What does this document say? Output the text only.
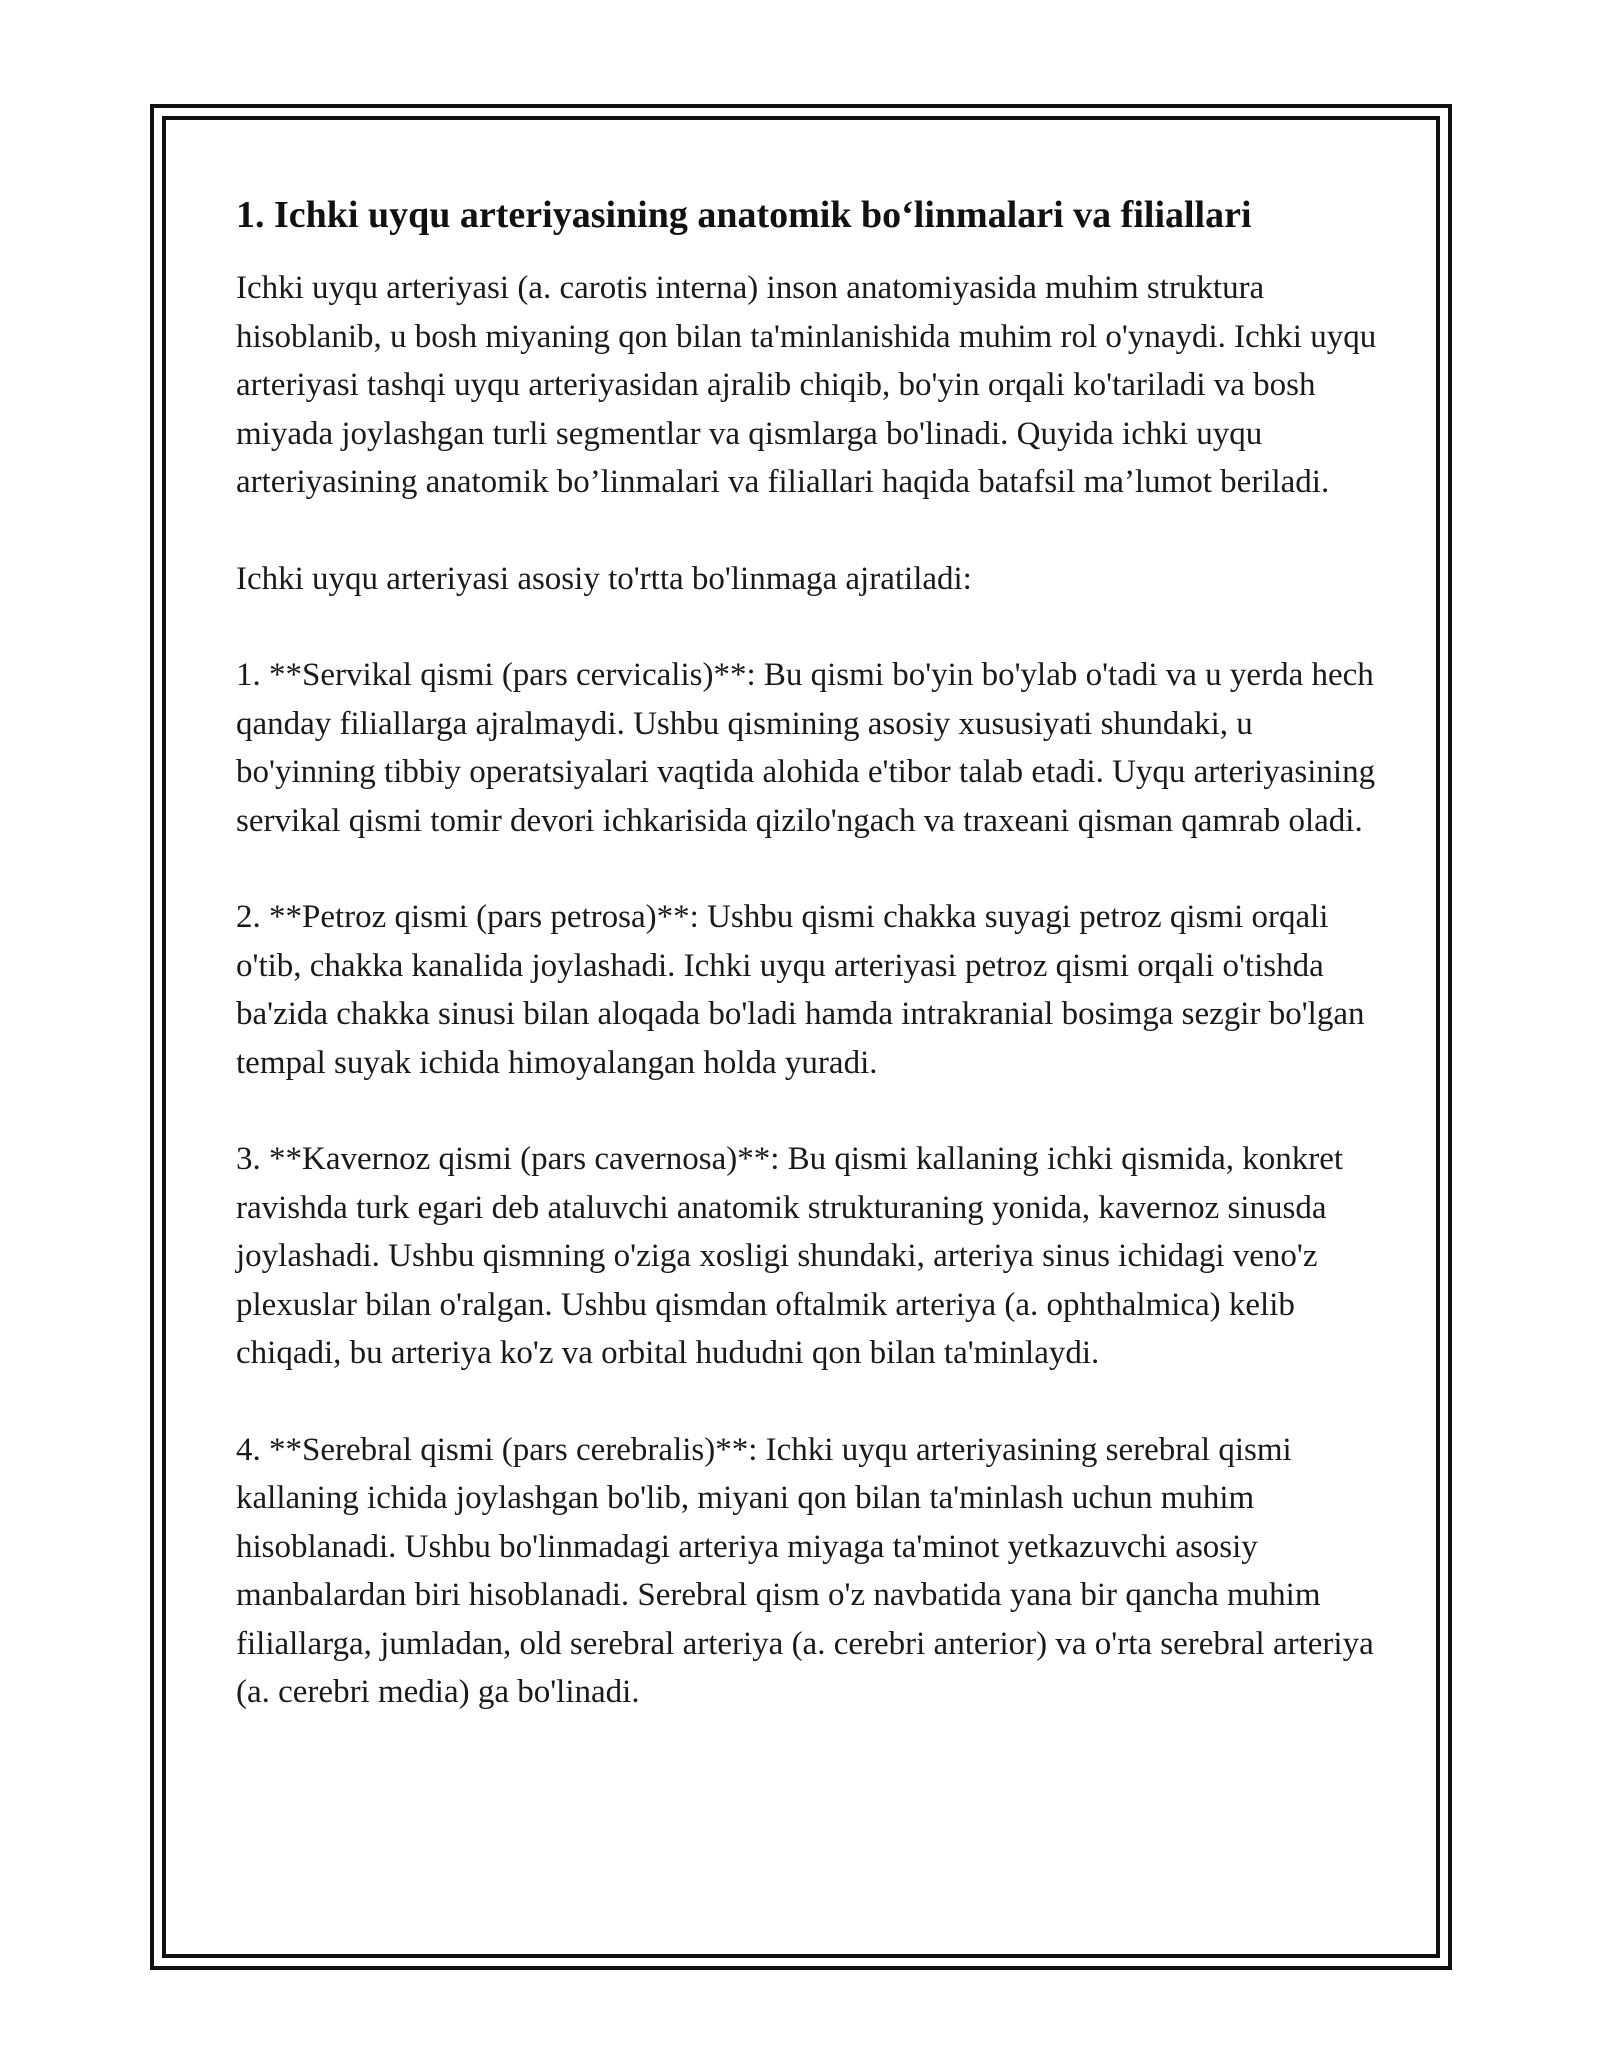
1. Ichki uyqu arteriyasining anatomik bo‘linmalari va filiallari

Ichki uyqu arteriyasi (a. carotis interna) inson anatomiyasida muhim struktura hisoblanib, u bosh miyaning qon bilan ta'minlanishida muhim rol o'ynaydi. Ichki uyqu arteriyasi tashqi uyqu arteriyasidan ajralib chiqib, bo'yin orqali ko'tariladi va bosh miyada joylashgan turli segmentlar va qismlarga bo'linadi. Quyida ichki uyqu arteriyasining anatomik bo’linmalari va filiallari haqida batafsil ma’lumot beriladi.

Ichki uyqu arteriyasi asosiy to'rtta bo'linmaga ajratiladi:

1. **Servikal qismi (pars cervicalis)**: Bu qismi bo'yin bo'ylab o'tadi va u yerda hech qanday filiallarga ajralmaydi. Ushbu qismining asosiy xususiyati shundaki, u bo'yinning tibbiy operatsiyalari vaqtida alohida e'tibor talab etadi. Uyqu arteriyasining servikal qismi tomir devori ichkarisida qizilo'ngach va traxeani qisman qamrab oladi.

2. **Petroz qismi (pars petrosa)**: Ushbu qismi chakka suyagi petroz qismi orqali o'tib, chakka kanalida joylashadi. Ichki uyqu arteriyasi petroz qismi orqali o'tishda ba'zida chakka sinusi bilan aloqada bo'ladi hamda intrakranial bosimga sezgir bo'lgan tempal suyak ichida himoyalangan holda yuradi.

3. **Kavernoz qismi (pars cavernosa)**: Bu qismi kallaning ichki qismida, konkret ravishda turk egari deb ataluvchi anatomik strukturaning yonida, kavernoz sinusda joylashadi. Ushbu qismning o'ziga xosligi shundaki, arteriya sinus ichidagi veno'z plexuslar bilan o'ralgan. Ushbu qismdan oftalmik arteriya (a. ophthalmica) kelib chiqadi, bu arteriya ko'z va orbital hududni qon bilan ta'minlaydi.

4. **Serebral qismi (pars cerebralis)**: Ichki uyqu arteriyasining serebral qismi kallaning ichida joylashgan bo'lib, miyani qon bilan ta'minlash uchun muhim hisoblanadi. Ushbu bo'linmadagi arteriya miyaga ta'minot yetkazuvchi asosiy manbalardan biri hisoblanadi. Serebral qism o'z navbatida yana bir qancha muhim filiallarga, jumladan, old serebral arteriya (a. cerebri anterior) va o'rta serebral arteriya (a. cerebri media) ga bo'linadi.
